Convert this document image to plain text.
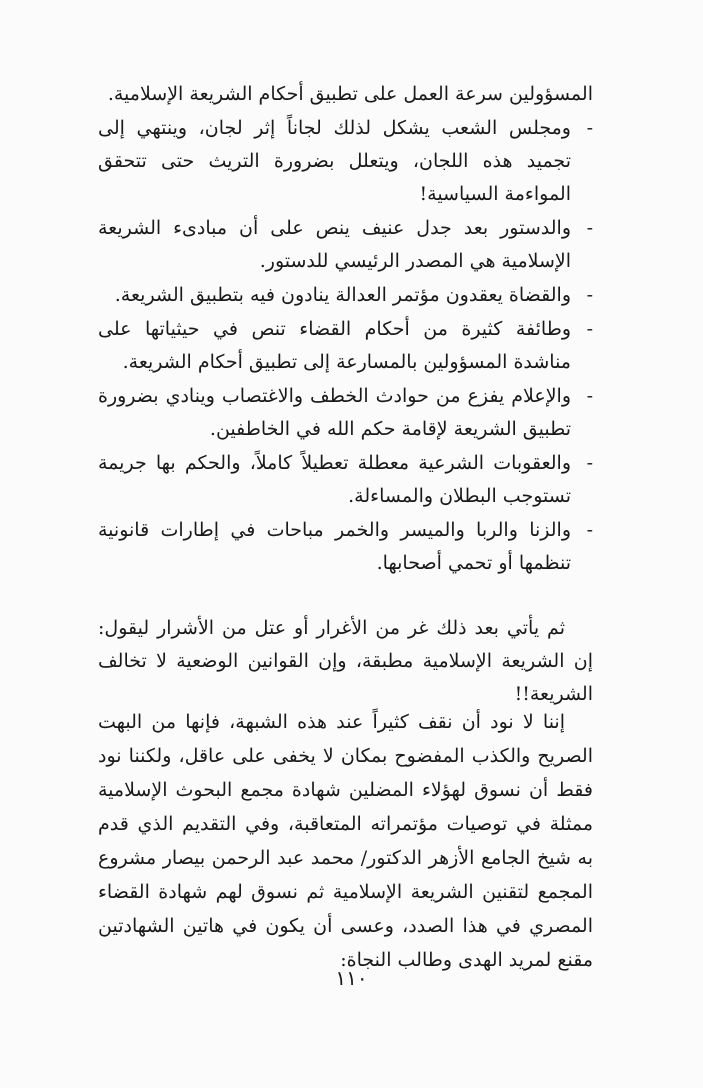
المسؤولين سرعة العمل على تطبيق أحكام الشريعة الإسلامية.
-
ومجلس الشعب يشكل لذلك لجاناً إثر لجان، وينتهي إلى تجميد هذه اللجان، ويتعلل بضرورة التريث حتى تتحقق المواءمة السياسية!
-
والدستور بعد جدل عنيف ينص على أن مبادىء الشريعة الإسلامية هي المصدر الرئيسي للدستور.
-
والقضاة يعقدون مؤتمر العدالة ينادون فيه بتطبيق الشريعة.
-
وطائفة كثيرة من أحكام القضاء تنص في حيثياتها على مناشدة المسؤولين بالمسارعة إلى تطبيق أحكام الشريعة.
-
والإعلام يفزع من حوادث الخطف والاغتصاب وينادي بضرورة تطبيق الشريعة لإقامة حكم الله في الخاطفين.
-
والعقوبات الشرعية معطلة تعطيلاً كاملاً، والحكم بها جريمة تستوجب البطلان والمساءلة.
-
والزنا والربا والميسر والخمر مباحات في إطارات قانونية تنظمها أو تحمي أصحابها.

ثم يأتي بعد ذلك غر من الأغرار أو عتل من الأشرار ليقول: إن الشريعة الإسلامية مطبقة، وإن القوانين الوضعية لا تخالف الشريعة!!

إننا لا نود أن نقف كثيراً عند هذه الشبهة، فإنها من البهت الصريح والكذب المفضوح بمكان لا يخفى على عاقل، ولكننا نود فقط أن نسوق لهؤلاء المضلين شهادة مجمع البحوث الإسلامية ممثلة في توصيات مؤتمراته المتعاقبة، وفي التقديم الذي قدم به شيخ الجامع الأزهر الدكتور/ محمد عبد الرحمن بيصار مشروع المجمع لتقنين الشريعة الإسلامية ثم نسوق لهم شهادة القضاء المصري في هذا الصدد، وعسى أن يكون في هاتين الشهادتين مقنع لمريد الهدى وطالب النجاة:

١١٠
